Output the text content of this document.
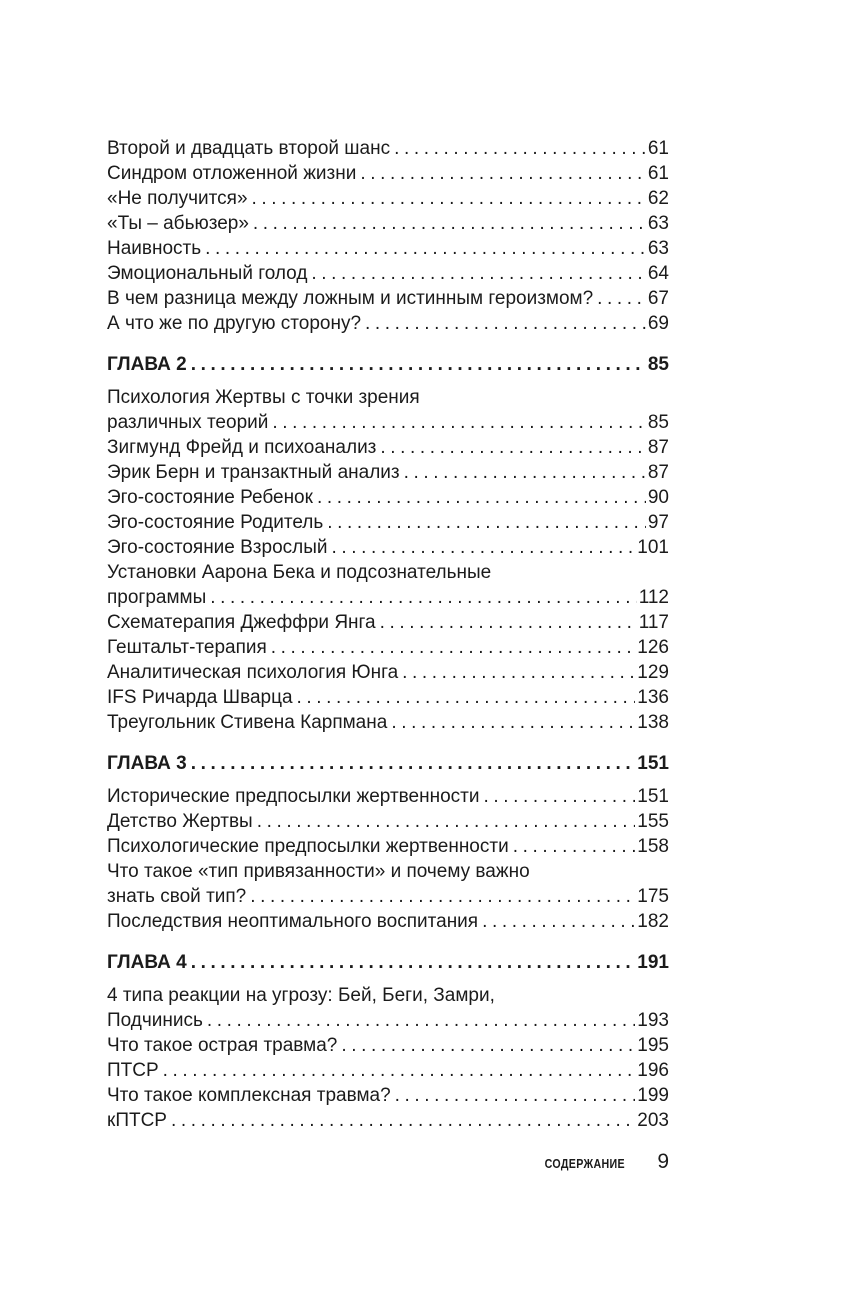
Второй и двадцать второй шанс .....	61
Синдром отложенной жизни .....	61
«Не получится» .....	62
«Ты – абьюзер» .....	63
Наивность .....	63
Эмоциональный голод .....	64
В чем разница между ложным и истинным героизмом? .....	67
А что же по другую сторону? .....	69
ГЛАВА 2 .....	85
Психология Жертвы с точки зрения
различных теорий .....	85
Зигмунд Фрейд и психоанализ .....	87
Эрик Берн и транзактный анализ .....	87
Эго-состояние Ребенок .....	90
Эго-состояние Родитель .....	97
Эго-состояние Взрослый .....	101
Установки Аарона Бека и подсознательные
программы .....	112
Схематерапия Джеффри Янга .....	117
Гештальт-терапия .....	126
Аналитическая психология Юнга .....	129
IFS Ричарда Шварца .....	136
Треугольник Стивена Карпмана .....	138
ГЛАВА 3 .....	151
Исторические предпосылки жертвенности .....	151
Детство Жертвы .....	155
Психологические предпосылки жертвенности .....	158
Что такое «тип привязанности» и почему важно
знать свой тип? .....	175
Последствия неоптимального воспитания .....	182
ГЛАВА 4 .....	191
4 типа реакции на угрозу: Бей, Беги, Замри,
Подчинись .....	193
Что такое острая травма? .....	195
ПТСР .....	196
Что такое комплексная травма? .....	199
кПТСР .....	203
СОДЕРЖАНИЕ 9
